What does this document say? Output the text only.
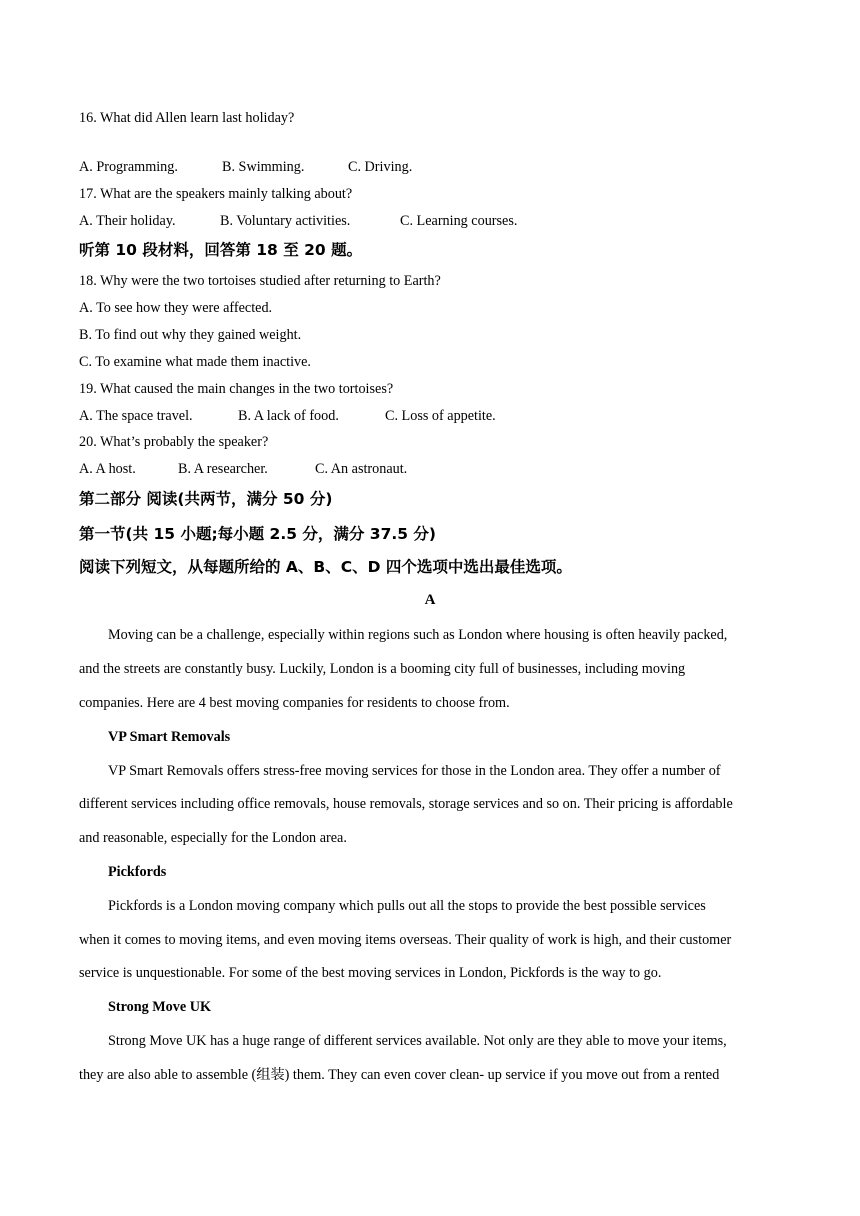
16. What did Allen learn last holiday?
A. Programming.	B. Swimming.	C. Driving.
17. What are the speakers mainly talking about?
A. Their holiday.	B. Voluntary activities.	C. Learning courses.
听第 10 段材料，回答第 18 至 20 题。
18. Why were the two tortoises studied after returning to Earth?
A. To see how they were affected.
B. To find out why they gained weight.
C. To examine what made them inactive.
19. What caused the main changes in the two tortoises?
A. The space travel.	B. A lack of food.	C. Loss of appetite.
20. What’s probably the speaker?
A. A host.	B. A researcher.	C. An astronaut.
第二部分 阅读(共两节，满分 50 分)
第一节(共 15 小题;每小题 2.5 分，满分 37.5 分)
阅读下列短文，从每题所给的 A、B、C、D 四个选项中选出最佳选项。
A
Moving can be a challenge, especially within regions such as London where housing is often heavily packed,
and the streets are constantly busy. Luckily, London is a booming city full of businesses, including moving
companies. Here are 4 best moving companies for residents to choose from.
VP Smart Removals
VP Smart Removals offers stress-free moving services for those in the London area. They offer a number of
different services including office removals, house removals, storage services and so on. Their pricing is affordable
and reasonable, especially for the London area.
Pickfords
Pickfords is a London moving company which pulls out all the stops to provide the best possible services
when it comes to moving items, and even moving items overseas. Their quality of work is high, and their customer
service is unquestionable. For some of the best moving services in London, Pickfords is the way to go.
Strong Move UK
Strong Move UK has a huge range of different services available. Not only are they able to move your items,
they are also able to assemble (组装) them. They can even cover clean- up service if you move out from a rented
